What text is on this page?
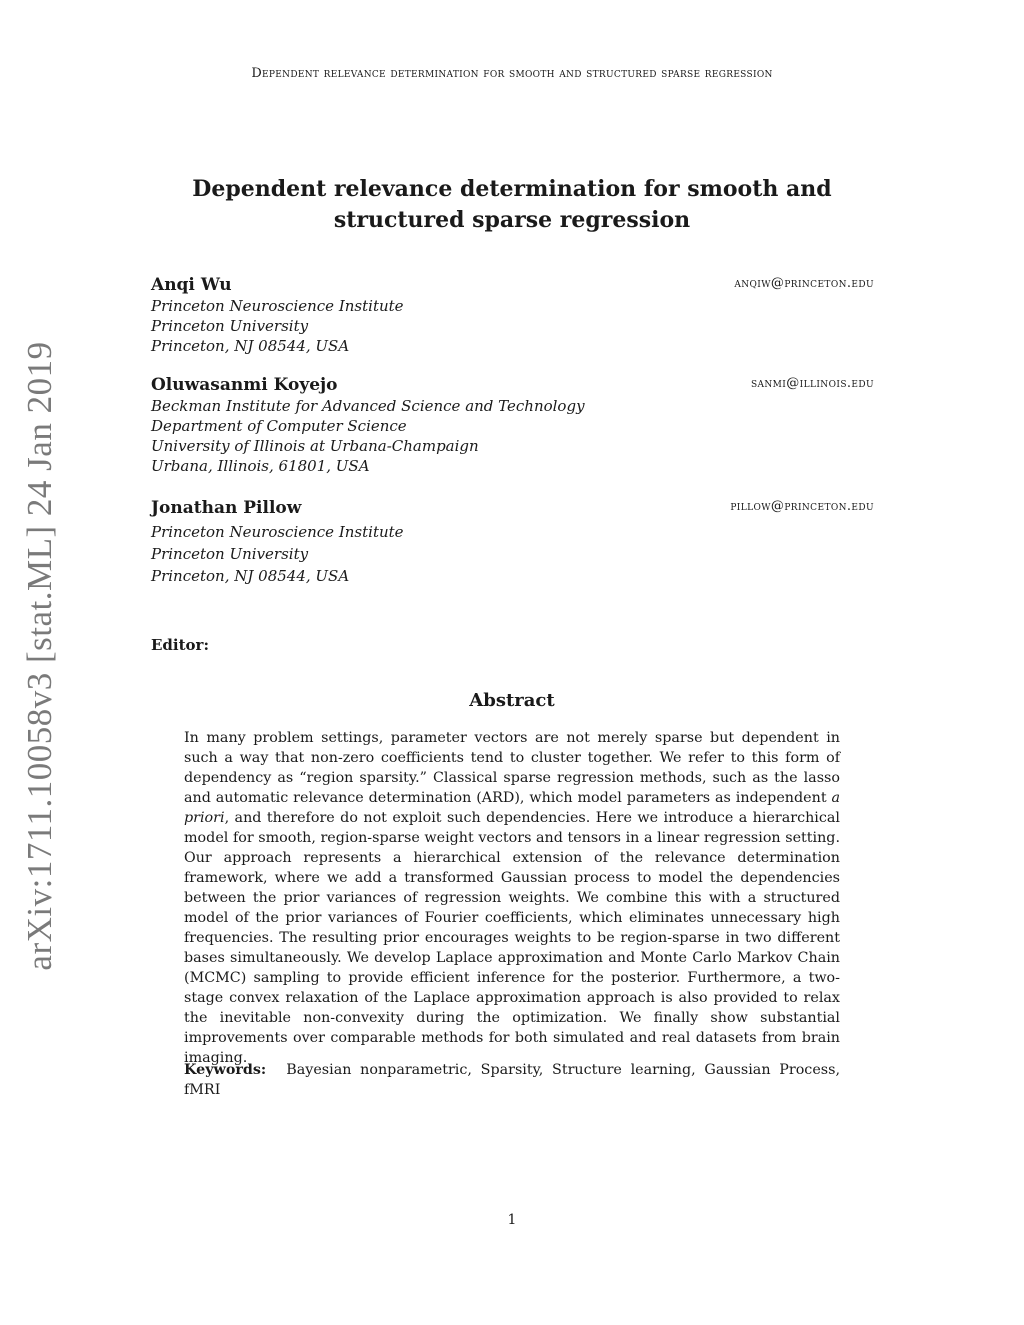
Dependent relevance determination for smooth and structured sparse regression
arXiv:1711.10058v3 [stat.ML] 24 Jan 2019
Dependent relevance determination for smooth and
structured sparse regression
Anqi Wu	anqiw@princeton.edu
Princeton Neuroscience Institute
Princeton University
Princeton, NJ 08544, USA
Oluwasanmi Koyejo	sanmi@illinois.edu
Beckman Institute for Advanced Science and Technology
Department of Computer Science
University of Illinois at Urbana-Champaign
Urbana, Illinois, 61801, USA
Jonathan Pillow	pillow@princeton.edu
Princeton Neuroscience Institute
Princeton University
Princeton, NJ 08544, USA
Editor:
Abstract
In many problem settings, parameter vectors are not merely sparse but dependent in such a way that non-zero coefficients tend to cluster together. We refer to this form of dependency as “region sparsity.” Classical sparse regression methods, such as the lasso and automatic relevance determination (ARD), which model parameters as independent a priori, and therefore do not exploit such dependencies. Here we introduce a hierarchical model for smooth, region-sparse weight vectors and tensors in a linear regression setting. Our approach represents a hierarchical extension of the relevance determination framework, where we add a transformed Gaussian process to model the dependencies between the prior variances of regression weights. We combine this with a structured model of the prior variances of Fourier coefficients, which eliminates unnecessary high frequencies. The resulting prior encourages weights to be region-sparse in two different bases simultaneously. We develop Laplace approximation and Monte Carlo Markov Chain (MCMC) sampling to provide efficient inference for the posterior. Furthermore, a two-stage convex relaxation of the Laplace approximation approach is also provided to relax the inevitable non-convexity during the optimization. We finally show substantial improvements over comparable methods for both simulated and real datasets from brain imaging.
Keywords: Bayesian nonparametric, Sparsity, Structure learning, Gaussian Process, fMRI
1
